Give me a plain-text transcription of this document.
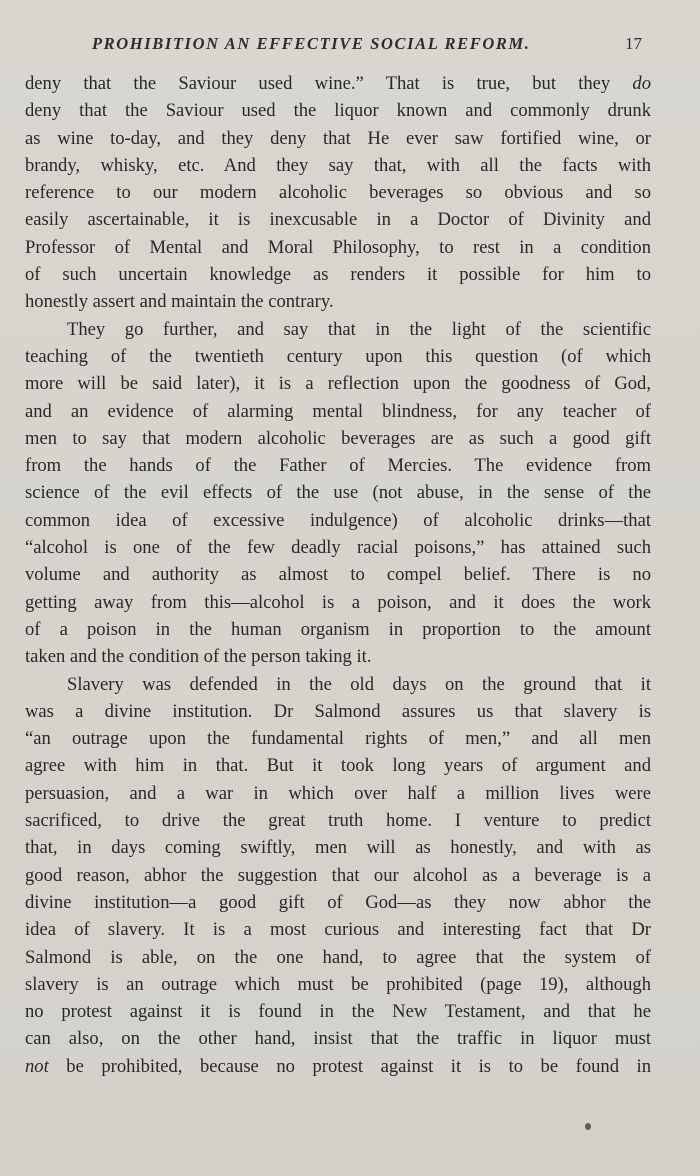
PROHIBITION AN EFFECTIVE SOCIAL REFORM.	17
deny that the Saviour used wine.” That is true, but they do
deny that the Saviour used the liquor known and commonly drunk
as wine to-day, and they deny that He ever saw fortified wine, or
brandy, whisky, etc. And they say that, with all the facts with
reference to our modern alcoholic beverages so obvious and so
easily ascertainable, it is inexcusable in a Doctor of Divinity and
Professor of Mental and Moral Philosophy, to rest in a condition
of such uncertain knowledge as renders it possible for him to
honestly assert and maintain the contrary.
They go further, and say that in the light of the scientific
teaching of the twentieth century upon this question (of which
more will be said later), it is a reflection upon the goodness of God,
and an evidence of alarming mental blindness, for any teacher of
men to say that modern alcoholic beverages are as such a good gift
from the hands of the Father of Mercies. The evidence from
science of the evil effects of the use (not abuse, in the sense of the
common idea of excessive indulgence) of alcoholic drinks—that
“alcohol is one of the few deadly racial poisons,” has attained such
volume and authority as almost to compel belief. There is no
getting away from this—alcohol is a poison, and it does the work
of a poison in the human organism in proportion to the amount
taken and the condition of the person taking it.
Slavery was defended in the old days on the ground that it
was a divine institution. Dr Salmond assures us that slavery is
“an outrage upon the fundamental rights of men,” and all men
agree with him in that. But it took long years of argument and
persuasion, and a war in which over half a million lives were
sacrificed, to drive the great truth home. I venture to predict
that, in days coming swiftly, men will as honestly, and with as
good reason, abhor the suggestion that our alcohol as a beverage is a
divine institution—a good gift of God—as they now abhor the
idea of slavery. It is a most curious and interesting fact that Dr
Salmond is able, on the one hand, to agree that the system of
slavery is an outrage which must be prohibited (page 19), although
no protest against it is found in the New Testament, and that he
can also, on the other hand, insist that the traffic in liquor must
not be prohibited, because no protest against it is to be found in
